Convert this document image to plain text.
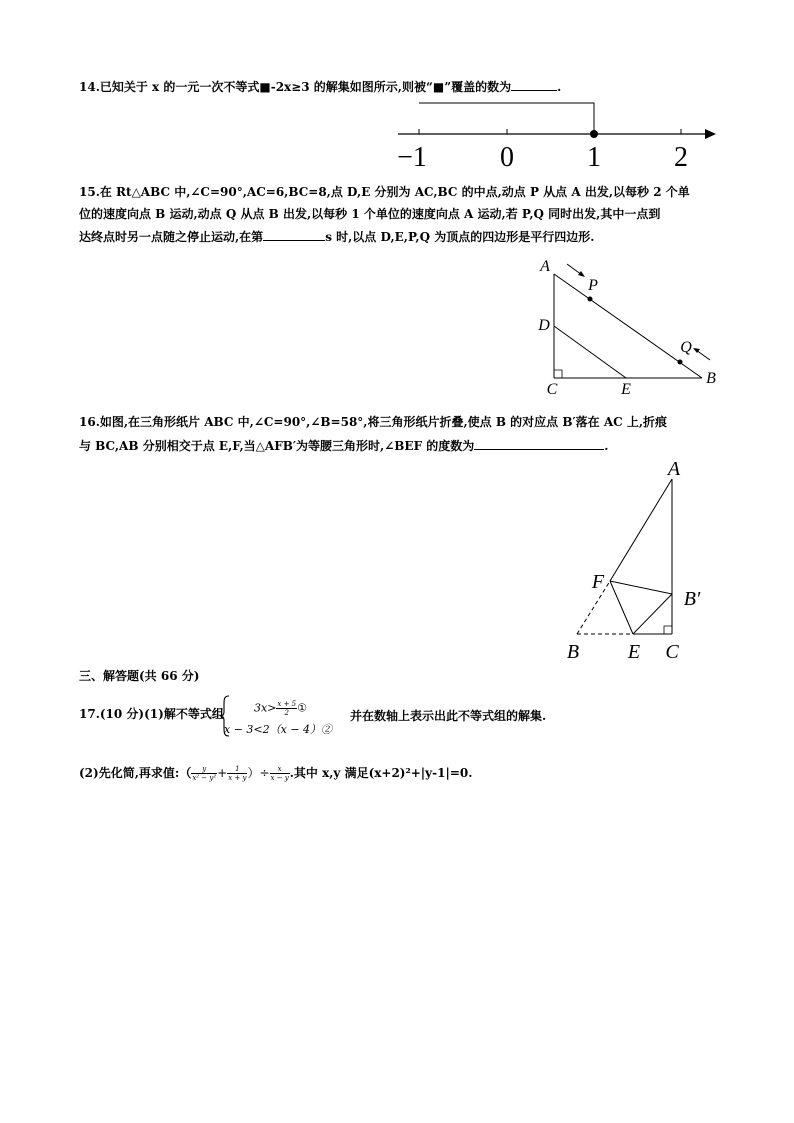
14.已知关于 x 的一元一次不等式■-2x≥3 的解集如图所示,则被“■”覆盖的数为	.
−1	0	1	2
15.在 Rt△ABC 中,∠C=90°,AC=6,BC=8,点 D,E 分别为 AC,BC 的中点,动点 P 从点 A 出发,以每秒 2 个单
位的速度向点 B 运动,动点 Q 从点 B 出发,以每秒 1 个单位的速度向点 A 运动,若 P,Q 同时出发,其中一点到
达终点时另一点随之停止运动,在第	s 时,以点 D,E,P,Q 为顶点的四边形是平行四边形.
A
P
D
Q
B
C	E
16.如图,在三角形纸片 ABC 中,∠C=90°,∠B=58°,将三角形纸片折叠,使点 B 的对应点 B′落在 AC 上,折痕
与 BC,AB 分别相交于点 E,F,当△AFB′为等腰三角形时,∠BEF 的度数为	.
A
F
B′
B E C
三、解答题(共 66 分)
17.(10 分)(1)解不等式组	$3x> \frac{x + 5}{2}$ ①
x − 3<2（x − 4）②
并在数轴上表示出此不等式组的解集.
(2)先化简,再求值:（ $\frac{y}{\text{x² − y²}} + \frac{1}{x + y}$ ）÷ $\frac{x}{x - y}$ .其中 x,y 满足(x+2)²+|y-1|=0.
